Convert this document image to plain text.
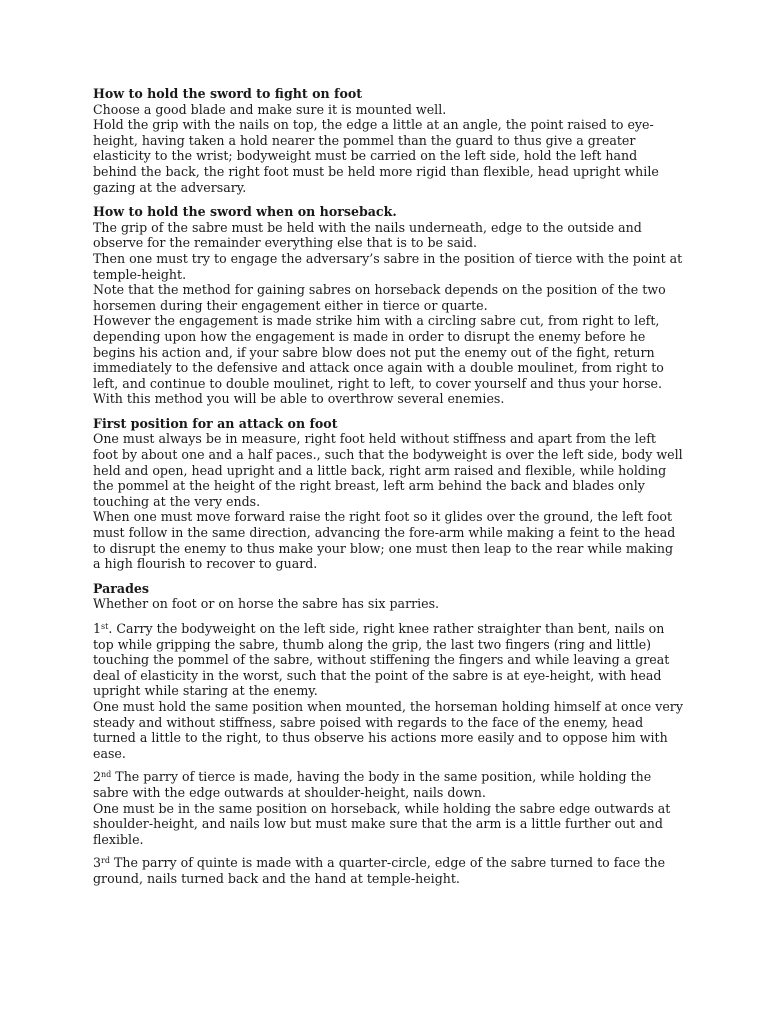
How to hold the sword to fight on foot

Choose a good blade and make sure it is mounted well.

Hold the grip with the nails on top, the edge a little at an angle, the point raised to eye-height, having taken a hold nearer the pommel than the guard to thus give a greater elasticity to the wrist; bodyweight must be carried on the left side, hold the left hand behind the back, the right foot must be held more rigid than flexible, head upright while gazing at the adversary.

How to hold the sword when on horseback.

The grip of the sabre must be held with the nails underneath, edge to the outside and observe for the remainder everything else that is to be said.

Then one must try to engage the adversary’s sabre in the position of tierce with the point at temple-height.

Note that the method for gaining sabres on horseback depends on the position of the two horsemen during their engagement either in tierce or quarte.

However the engagement is made strike him with a circling sabre cut, from right to left, depending upon how the engagement is made in order to disrupt the enemy before he begins his action and, if your sabre blow does not put the enemy out of the fight, return immediately to the defensive and attack once again with a double moulinet, from right to left, and continue to double moulinet, right to left, to cover yourself and thus your horse.

With this method you will be able to overthrow several enemies.

First position for an attack on foot

One must always be in measure, right foot held without stiffness and apart from the left foot by about one and a half paces., such that the bodyweight is over the left side, body well held and open, head upright and a little back, right arm raised and flexible, while holding the pommel at the height of the right breast, left arm behind the back and blades only touching at the very ends.

When one must move forward raise the right foot so it glides over the ground, the left foot must follow in the same direction, advancing the fore-arm while making a feint to the head to disrupt the enemy to thus make your blow; one must then leap to the rear while making a high flourish to recover to guard.

Parades

Whether on foot or on horse the sabre has six parries.

1st. Carry the bodyweight on the left side, right knee rather straighter than bent, nails on top while gripping the sabre, thumb along the grip, the last two fingers (ring and little) touching the pommel of the sabre, without stiffening the fingers and while leaving a great deal of elasticity in the worst, such that the point of the sabre is at eye-height, with head upright while staring at the enemy.

One must hold the same position when mounted, the horseman holding himself at once very steady and without stiffness, sabre poised with regards to the face of the enemy, head turned a little to the right, to thus observe his actions more easily and to oppose him with ease.

2nd The parry of tierce is made, having the body in the same position, while holding the sabre with the edge outwards at shoulder-height, nails down.

One must be in the same position on horseback, while holding the sabre edge outwards at shoulder-height, and nails low but must make sure that the arm is a little further out and flexible.

3rd The parry of quinte is made with a quarter-circle, edge of the sabre turned to face the ground, nails turned back and the hand at temple-height.
